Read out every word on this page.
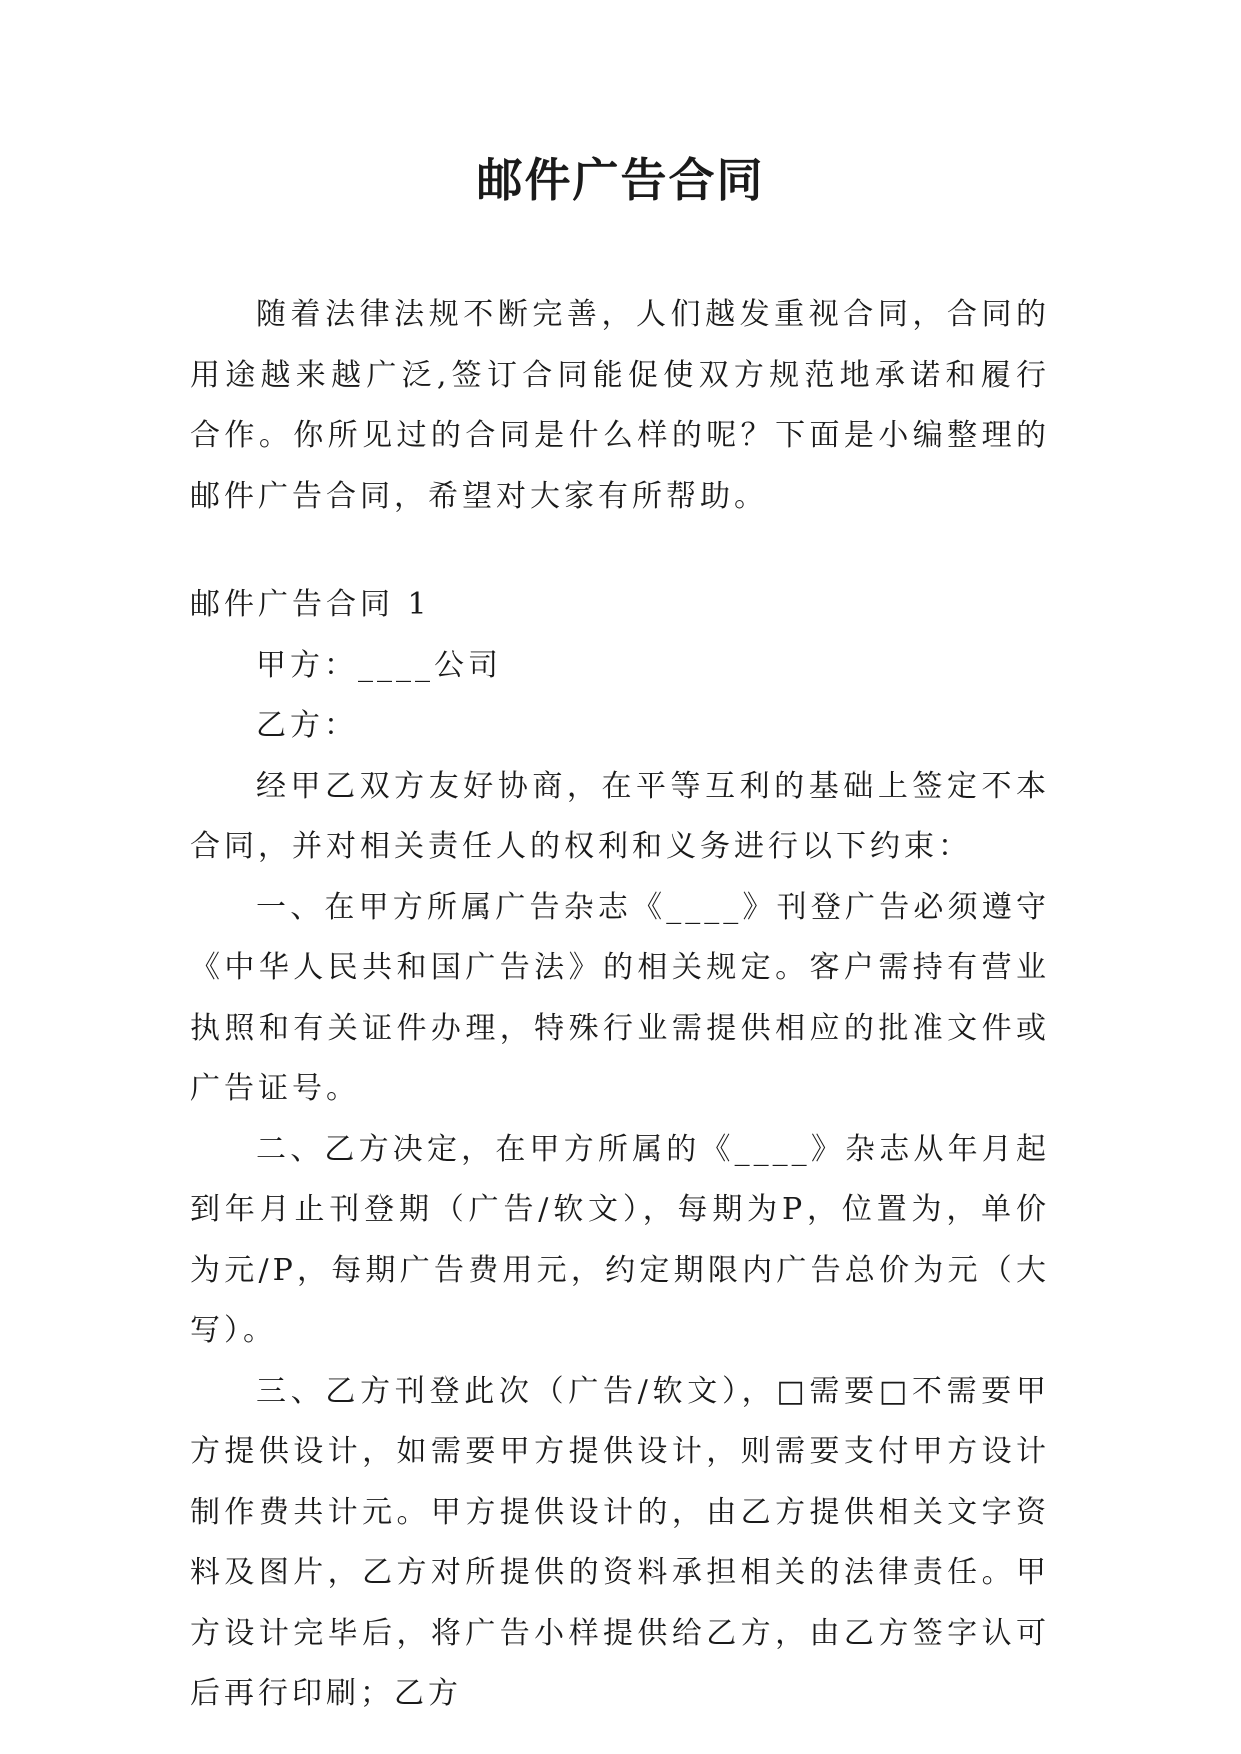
邮件广告合同

随着法律法规不断完善，人们越发重视合同，合同的用途越来越广泛,签订合同能促使双方规范地承诺和履行合作。你所见过的合同是什么样的呢？下面是小编整理的邮件广告合同，希望对大家有所帮助。

邮件广告合同 1

甲方：____公司

乙方：

经甲乙双方友好协商，在平等互利的基础上签定不本合同，并对相关责任人的权利和义务进行以下约束：

一、在甲方所属广告杂志《____》刊登广告必须遵守《中华人民共和国广告法》的相关规定。客户需持有营业执照和有关证件办理，特殊行业需提供相应的批准文件或广告证号。

二、乙方决定，在甲方所属的《____》杂志从年月起到年月止刊登期（广告/软文），每期为P，位置为，单价为元/P，每期广告费用元，约定期限内广告总价为元（大写）。

三、乙方刊登此次（广告/软文），□需要□不需要甲方提供设计，如需要甲方提供设计，则需要支付甲方设计制作费共计元。甲方提供设计的，由乙方提供相关文字资料及图片，乙方对所提供的资料承担相关的法律责任。甲方设计完毕后，将广告小样提供给乙方，由乙方签字认可后再行印刷；乙方
